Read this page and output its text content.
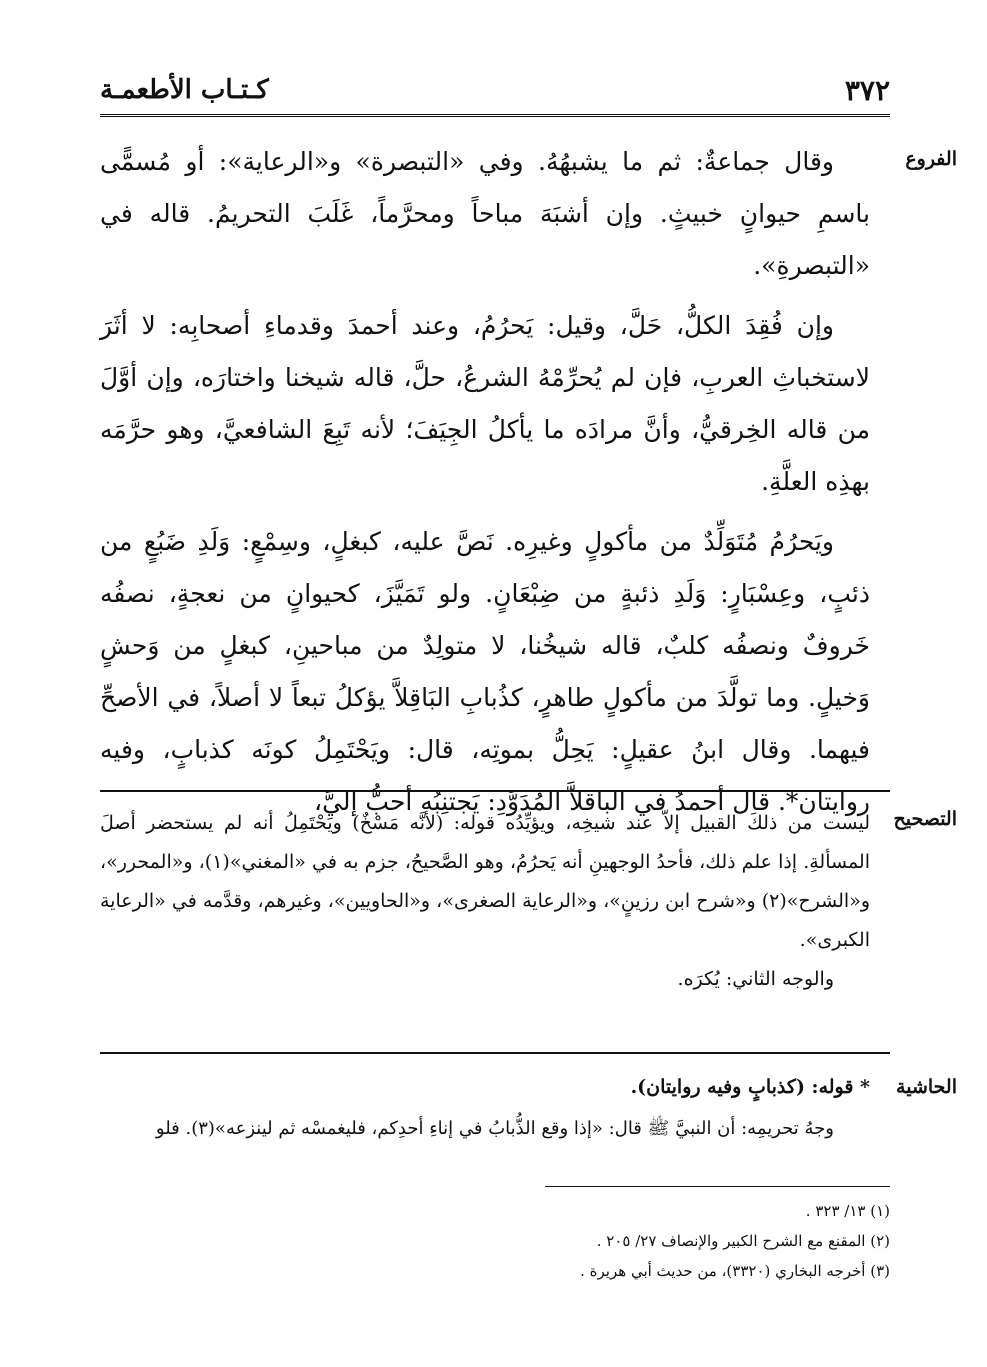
كـتـاب الأطعمـة	٣٧٢
الفروع

وقال جماعةٌ: ثم ما يشبهُهُ. وفي «التبصرة» و«الرعاية»: أو مُسمًّى باسمِ حيوانٍ خبيثٍ. وإن أشبَهَ مباحاً ومحرَّماً، غَلَبَ التحريمُ. قاله في «التبصرةِ».

وإن فُقِدَ الكلُّ، حَلَّ، وقيل: يَحرُمُ، وعند أحمدَ وقدماءِ أصحابِه: لا أثَرَ لاستخباثِ العربِ، فإن لم يُحرِّمْهُ الشرعُ، حلَّ، قاله شيخنا واختارَه، وإن أوَّلَ من قاله الخِرقيُّ، وأنَّ مرادَه ما يأكلُ الجِيَفَ؛ لأنه تَبِعَ الشافعيَّ، وهو حرَّمَه بهذِه العلَّةِ.

ويَحرُمُ مُتَوَلِّدٌ من مأكولٍ وغيرِه. نَصَّ عليه، كبغلٍ، وسِمْعٍ: وَلَدِ ضَبُعٍ من ذئبٍ، وعِسْبَارٍ: وَلَدِ ذئبةٍ من ضِبْعَانٍ. ولو تَمَيَّزَ، كحيوانٍ من نعجةٍ، نصفُه خَروفٌ ونصفُه كلبٌ، قاله شيخُنا، لا متولِدٌ من مباحينِ، كبغلٍ من وَحشٍ وَخيلٍ. وما تولَّدَ من مأكولٍ طاهرٍ، كذُبابِ البَاقِلاَّ يؤكلُ تبعاً لا أصلاً، في الأصحِّ فيهما. وقال ابنُ عقيلٍ: يَحِلُّ بموتِه، قال: ويَحْتَمِلُ كونَه كذبابٍ، وفيه روايتان*. قال أحمدُ في الباقلاَّ المُدَوَّدِ: يَجتنِبُه أحبُّ إليَّ،

التصحيح

ليست من ذلكَ القبيل إلاّ عند شيخِه، ويؤيِّدُه قوله: (لأنَّه مَسْخٌ) ويَحْتَمِلُ أنه لم يستحضر أصلَ المسألةِ. إذا علم ذلك، فأحدُ الوجهينِ أنه يَحرُمُ، وهو الصَّحيحُ، جزم به في «المغني»(١)، و«المحرر»، و«الشرح»(٢) و«شرح ابن رزينٍ»، و«الرعاية الصغرى»، و«الحاويين»، وغيرهم، وقدَّمه في «الرعاية الكبرى».

والوجه الثاني: يُكرَه.

الحاشية

* قوله: (كذبابٍ وفيه روايتان).

وجهُ تحريمِه: أن النبيَّ ﷺ قال: «إذا وقع الذُّبابُ في إناءِ أحدِكم، فليغمسْه ثم لينزعه»(٣). فلو

(١) ١٣/ ٣٢٣ .

(٢) المقنع مع الشرح الكبير والإنصاف ٢٧/ ٢٠٥ .

(٣) أخرجه البخاري (٣٣٢٠)، من حديث أبي هريرة .
